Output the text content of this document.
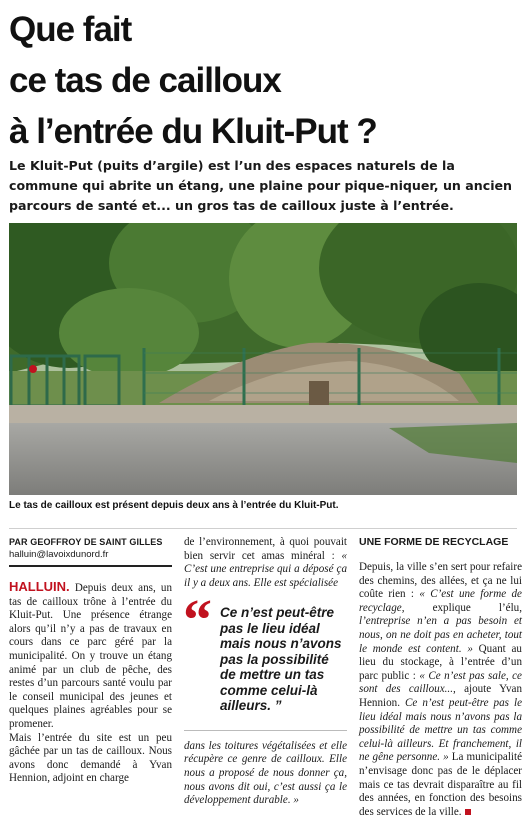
Que fait
ce tas de cailloux
à l’entrée du Kluit-Put ?
Le Kluit-Put (puits d’argile) est l’un des espaces naturels de la commune qui abrite un étang, une plaine pour pique-niquer, un ancien parcours de santé et... un gros tas de cailloux juste à l’entrée.
Le tas de cailloux est présent depuis deux ans à l’entrée du Kluit-Put.
PAR GEOFFROY DE SAINT GILLES
halluin@lavoixdunord.fr

HALLUIN. Depuis deux ans, un tas de cailloux trône à l’entrée du Kluit-Put. Une présence étrange alors qu’il n’y a pas de travaux en cours dans ce parc géré par la municipalité. On y trouve un étang animé par un club de pêche, des restes d’un parcours santé voulu par le conseil municipal des jeunes et quelques plaines agréables pour se promener.

Mais l’entrée du site est un peu gâchée par un tas de cailloux. Nous avons donc demandé à Yvan Hennion, adjoint en charge

de l’environnement, à quoi pouvait bien servir cet amas minéral : « C’est une entreprise qui a déposé ça il y a deux ans. Elle est spécialisée

“ Ce n’est peut-être pas le lieu idéal mais nous n’avons pas la possibilité de mettre un tas comme celui-là ailleurs. ”

dans les toitures végétalisées et elle récupère ce genre de cailloux. Elle nous a proposé de nous donner ça, nous avons dit oui, c’est aussi ça le développement durable. »

UNE FORME DE RECYCLAGE

Depuis, la ville s’en sert pour refaire des chemins, des allées, et ça ne lui coûte rien : « C’est une forme de recyclage, explique l’élu, l’entreprise n’en a pas besoin et nous, on ne doit pas en acheter, tout le monde est content. » Quant au lieu du stockage, à l’entrée d’un parc public : « Ce n’est pas sale, ce sont des cailloux..., ajoute Yvan Hennion. Ce n’est peut-être pas le lieu idéal mais nous n’avons pas la possibilité de mettre un tas comme celui-là ailleurs. Et franchement, il ne gêne personne. » La municipalité n’envisage donc pas de le déplacer mais ce tas devrait disparaître au fil des années, en fonction des besoins des services de la ville.
